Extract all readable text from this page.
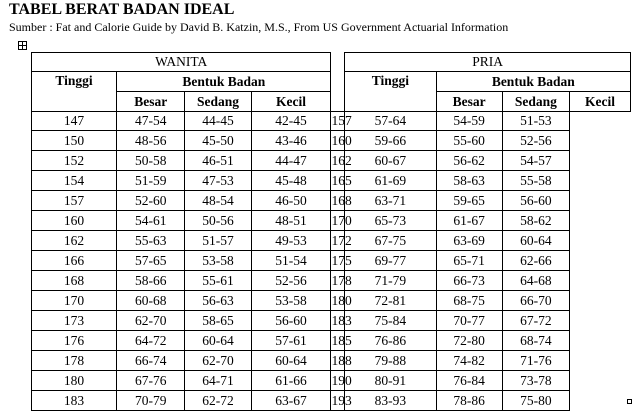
TABEL BERAT BADAN IDEAL
Sumber : Fat and Calorie Guide by David B. Katzin, M.S., From US Government Actuarial Information
WANITA					PRIA			
Tinggi	Bentuk Badan				Tinggi	Bentuk Badan		
	Besar	Sedang	Kecil			Besar	Sedang	Kecil
147	47-54	44-45	42-45	157	57-64	54-59	51-53	
150	48-56	45-50	43-46	160	59-66	55-60	52-56	
152	50-58	46-51	44-47	162	60-67	56-62	54-57	
154	51-59	47-53	45-48	165	61-69	58-63	55-58	
157	52-60	48-54	46-50	168	63-71	59-65	56-60	
160	54-61	50-56	48-51	170	65-73	61-67	58-62	
162	55-63	51-57	49-53	172	67-75	63-69	60-64	
166	57-65	53-58	51-54	175	69-77	65-71	62-66	
168	58-66	55-61	52-56	178	71-79	66-73	64-68	
170	60-68	56-63	53-58	180	72-81	68-75	66-70	
173	62-70	58-65	56-60	183	75-84	70-77	67-72	
176	64-72	60-64	57-61	185	76-86	72-80	68-74	
178	66-74	62-70	60-64	188	79-88	74-82	71-76	
180	67-76	64-71	61-66	190	80-91	76-84	73-78	
183	70-79	62-72	63-67	193	83-93	78-86	75-80	
